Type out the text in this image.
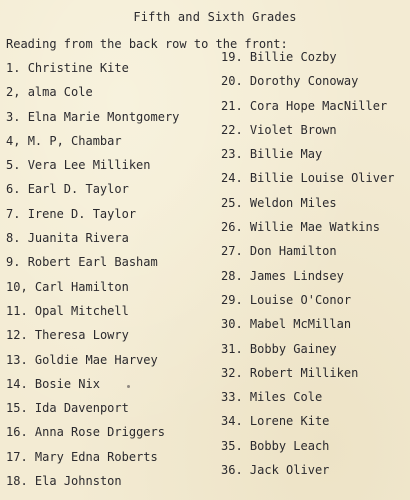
Fifth and Sixth Grades
Reading from the back row to the front:
1. Christine Kite
2, alma Cole
3. Elna Marie Montgomery
4, M. P, Chambar
5. Vera Lee Milliken
6. Earl D. Taylor
7. Irene D. Taylor
8. Juanita Rivera
9. Robert Earl Basham
10, Carl Hamilton
11. Opal Mitchell
12. Theresa Lowry
13. Goldie Mae Harvey
14. Bosie Nix
15. Ida Davenport
16. Anna Rose Driggers
17. Mary Edna Roberts
18. Ela Johnston
19. Billie Cozby
20. Dorothy Conoway
21. Cora Hope MacNiller
22. Violet Brown
23. Billie May
24. Billie Louise Oliver
25. Weldon Miles
26. Willie Mae Watkins
27. Don Hamilton
28. James Lindsey
29. Louise O'Conor
30. Mabel McMillan
31. Bobby Gainey
32. Robert Milliken
33. Miles Cole
34. Lorene Kite
35. Bobby Leach
36. Jack Oliver
